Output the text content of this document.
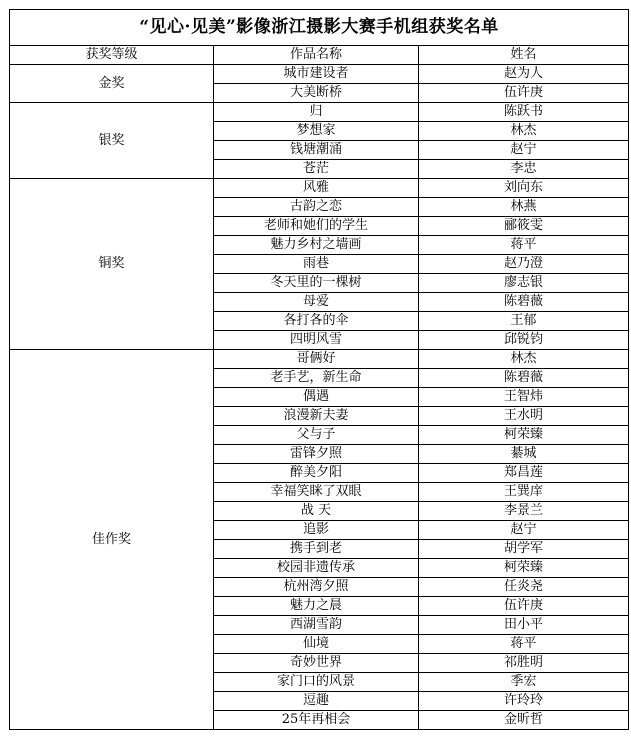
“见心·见美”影像浙江摄影大赛手机组获奖名单		
获奖等级	作品名称	姓名
金奖	城市建设者	赵为人
	大美断桥	伍许庚
银奖	归	陈跃书
	梦想家	林杰
	钱塘潮涌	赵宁
	苍茫	李忠
铜奖	风雅	刘向东
	古韵之恋	林燕
	老师和她们的学生	郦筱雯
	魅力乡村之墙画	蒋平
	雨巷	赵乃澄
	冬天里的一棵树	廖志银
	母爱	陈碧薇
	各打各的伞	王郁
	四明风雪	邱锐钧
佳作奖	哥俩好	林杰
	老手艺，新生命	陈碧薇
	偶遇	王智炜
	浪漫新夫妻	王水明
	父与子	柯荣臻
	雷锋夕照	綦城
	醉美夕阳	郑昌莲
	幸福笑眯了双眼	王巽庠
	战 天	李景兰
	追影	赵宁
	携手到老	胡学军
	校园非遗传承	柯荣臻
	杭州湾夕照	任炎尧
	魅力之晨	伍许庚
	西湖雪韵	田小平
	仙境	蒋平
	奇妙世界	祁胜明
	家门口的风景	季宏
	逗趣	许玲玲
	25年再相会	金昕哲
